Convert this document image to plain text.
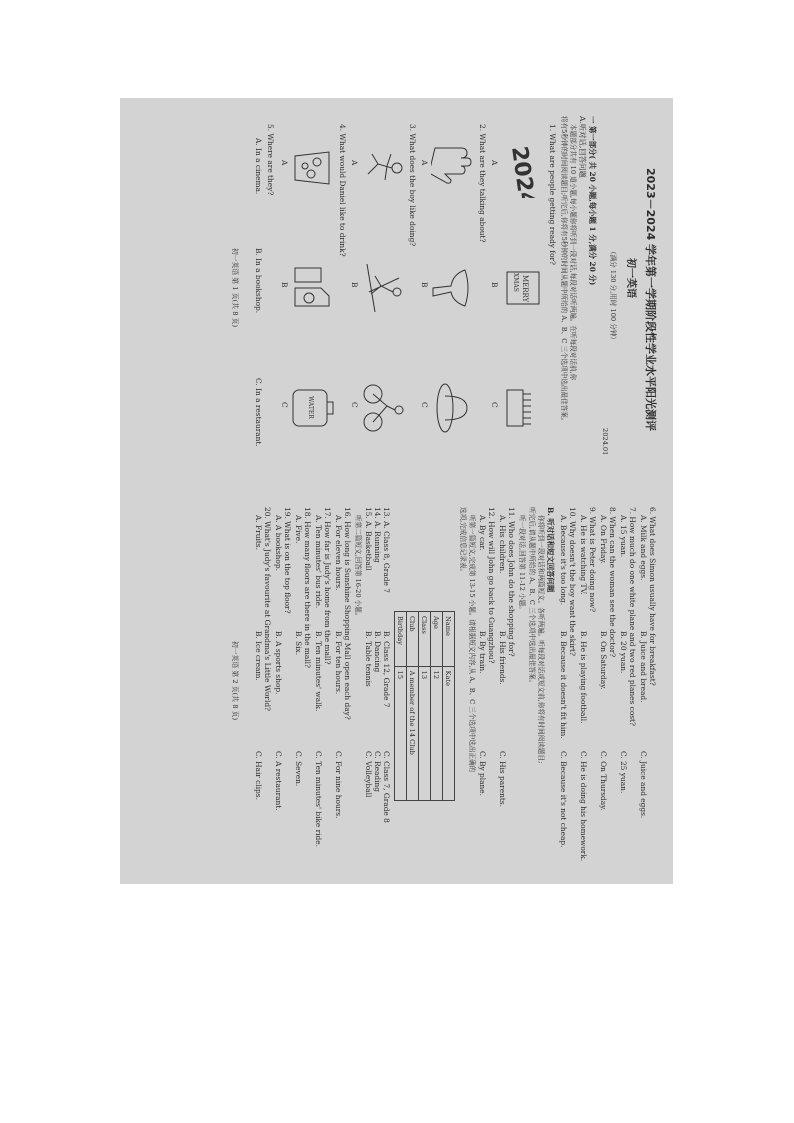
2023－2024 学年第一学期阶段性学业水平阳光测评
初一英语
（满分 130 分,用时 100 分钟）
2024.01
一 第一部分( 共 20 小题,每小题 1 分,满分 20 分)
A.听对话,回答问题
本题部分共有 10 道小题,每小题你将听到一段对话,每段对话听两遍。在听每段对话前,你
将有5秒钟的时间阅读题目;听完后,你将有5秒钟的时间从题中所给的 A、B、C 三个选项中选出最佳答案。
1. What are people getting ready for?
2024
MERRY
XMAS
A
B
C
2. What are they talking about?
A
B
C
3. What does the boy like doing?
A
B
C
4. What would Daniel like to drink?
WATER
A
B
C
5. Where are they?
A. In a cinema.
B. In a bookshop.
C. In a restaurant.
初一英语 第 1 页(共 8 页)
6. What does Simon usually have for breakfast?
A. Milk and eggs.
B. Juice and bread.
C. Juice and eggs.
7. How much do one white plane and two red planes cost?
A. 15 yuan.
B. 20 yuan.
C. 25 yuan.
8. When can the woman see the doctor?
A. On Friday.
B. On Saturday.
C. On Thursday.
9. What is Peter doing now?
A. He is watching TV.
B. He is playing football.
C. He is doing his homework.
10. Why doesn't the boy want the skirt?
A. Because it's too long.
B. Because it doesn't fit him.
C. Because it's not cheap.
B. 听对话和短文回答问题
你将听到一段对话和两篇短文。各听两遍。听每段对话或短文前,你将有时间阅读题目;
听完后,请从题中所给的 A、B、C 三个选项中选出最佳答案。
听一段对话,回答第 11-12 小题。
11. Who does John do the shopping for?
A. His children.
B. His friends.
C. His parents.
12. How will John go back to Guangzhou?
A. By car.
B. By train.
C. By plane.
听第一篇短文,完成第 13-15 小题。请根据短文内容,从 A、B、C 三个选项中选出正确的
选项,完成信息记录表。
Name	Kate
Age	12
Class	13
Club	A member of the 14 Club
Birthday	15
13. A. Class 8, Grade 7
B. Class 12, Grade 7
C. Class 7, Grade 8
14. A. Running
B. Dancing
C. Reading
15. A. Basketball
B. Table tennis
C. Volleyball
听第二篇短文,回答第 16-20 小题。
16. How long is Sunshine Shopping Mall open each day?
A. For eleven hours.
B. For ten hours.
C. For nine hours.
17. How far is Judy's home from the mall?
A. Ten minutes' bus ride.
B. Ten minutes' walk.
C. Ten minutes' bike ride.
18. How many floors are there in the mall?
A. Five.
B. Six.
C. Seven.
19. What is on the top floor?
A. A bookshop.
B. A sports shop.
C. A restaurant.
20. What's Judy's favourite at Grandma's Little World?
A. Fruits.
B. Ice cream.
C. Hair clips.
初一英语 第 2 页(共 8 页)
